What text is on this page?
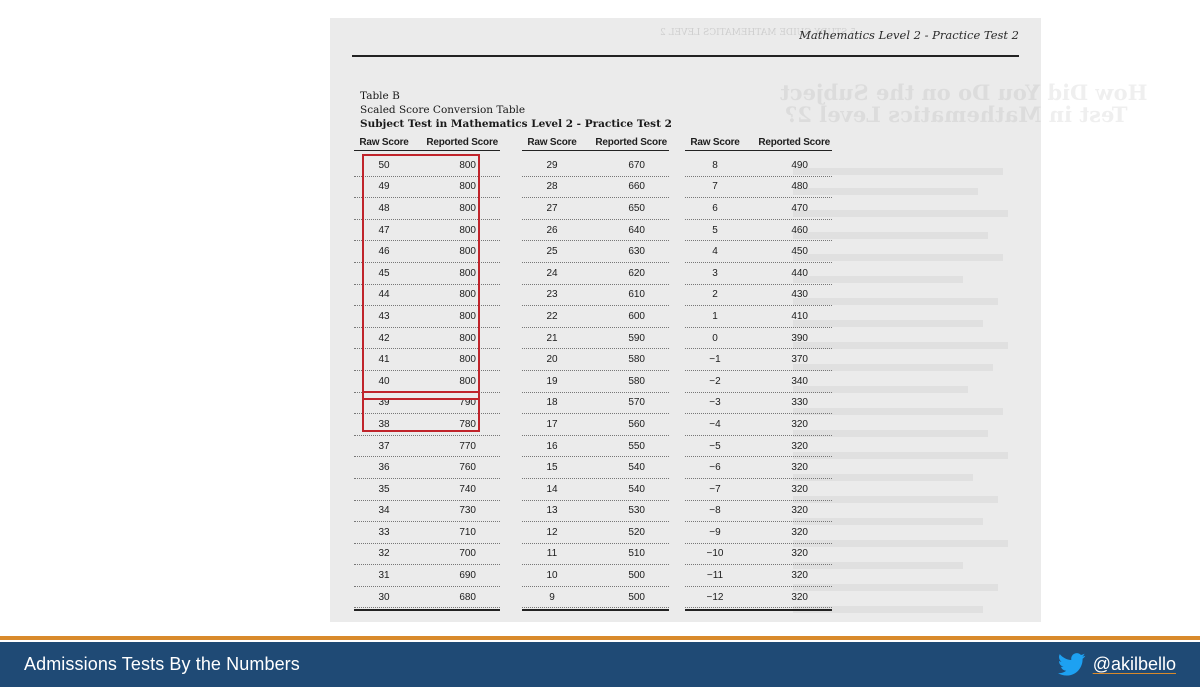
5 STUDY GUIDE MATHEMATICS LEVEL 2
How Did You Do on the Subject
Test in Mathematics Level 2?
Mathematics Level 2 - Practice Test 2
Table B
Scaled Score Conversion Table
Subject Test in Mathematics Level 2 - Practice Test 2
Raw Score	Reported Score
50	800
49	800
48	800
47	800
46	800
45	800
44	800
43	800
42	800
41	800
40	800
39	790
38	780
37	770
36	760
35	740
34	730
33	710
32	700
31	690
30	680
Raw Score	Reported Score
29	670
28	660
27	650
26	640
25	630
24	620
23	610
22	600
21	590
20	580
19	580
18	570
17	560
16	550
15	540
14	540
13	530
12	520
11	510
10	500
9	500
Raw Score	Reported Score
8	490
7	480
6	470
5	460
4	450
3	440
2	430
1	410
0	390
−1	370
−2	340
−3	330
−4	320
−5	320
−6	320
−7	320
−8	320
−9	320
−10	320
−11	320
−12	320
Admissions Tests By the Numbers	@akilbello
